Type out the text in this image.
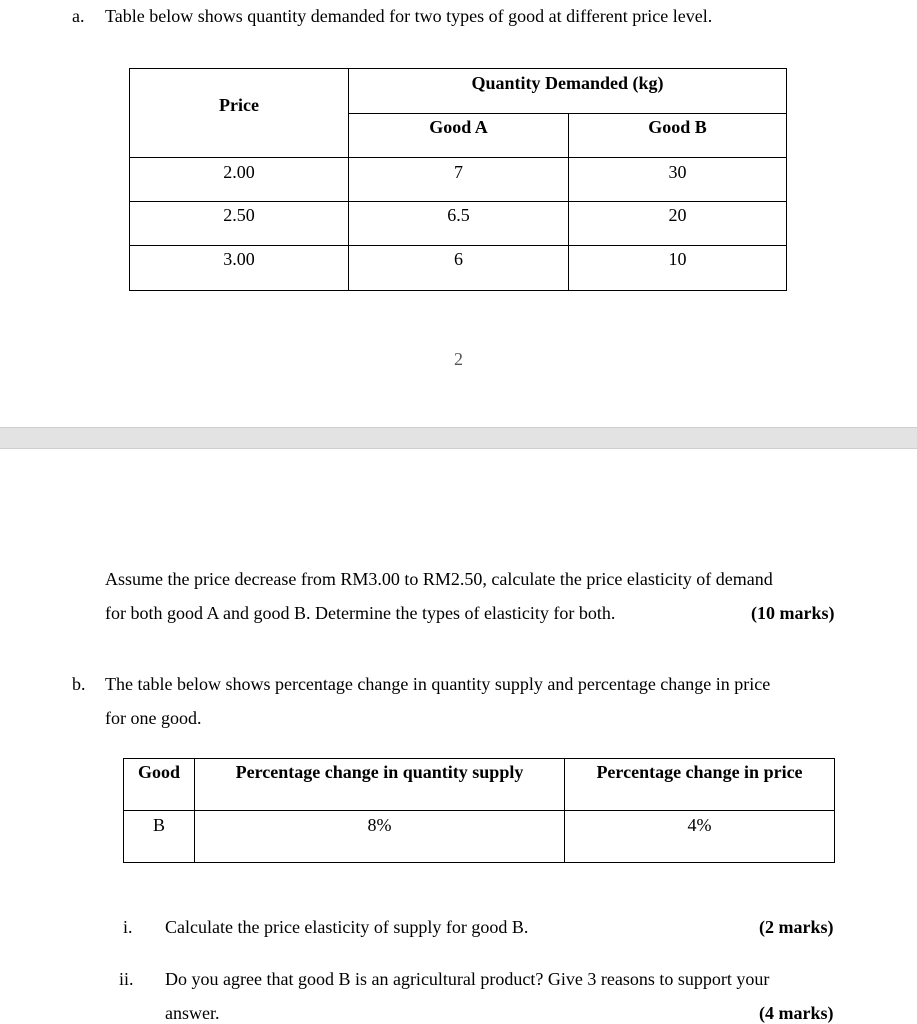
a. Table below shows quantity demanded for two types of good at different price level.
Price
Quantity Demanded (kg)
Good A	Good B
2.00	7	30
2.50	6.5	20
3.00	6	10
2
Assume the price decrease from RM3.00 to RM2.50, calculate the price elasticity of demand
for both good A and good B. Determine the types of elasticity for both.	(10 marks)
b. The table below shows percentage change in quantity supply and percentage change in price
for one good.
Good	Percentage change in quantity supply	Percentage change in price
B	8%	4%
i. Calculate the price elasticity of supply for good B.	(2 marks)
ii. Do you agree that good B is an agricultural product? Give 3 reasons to support your
answer.	(4 marks)
